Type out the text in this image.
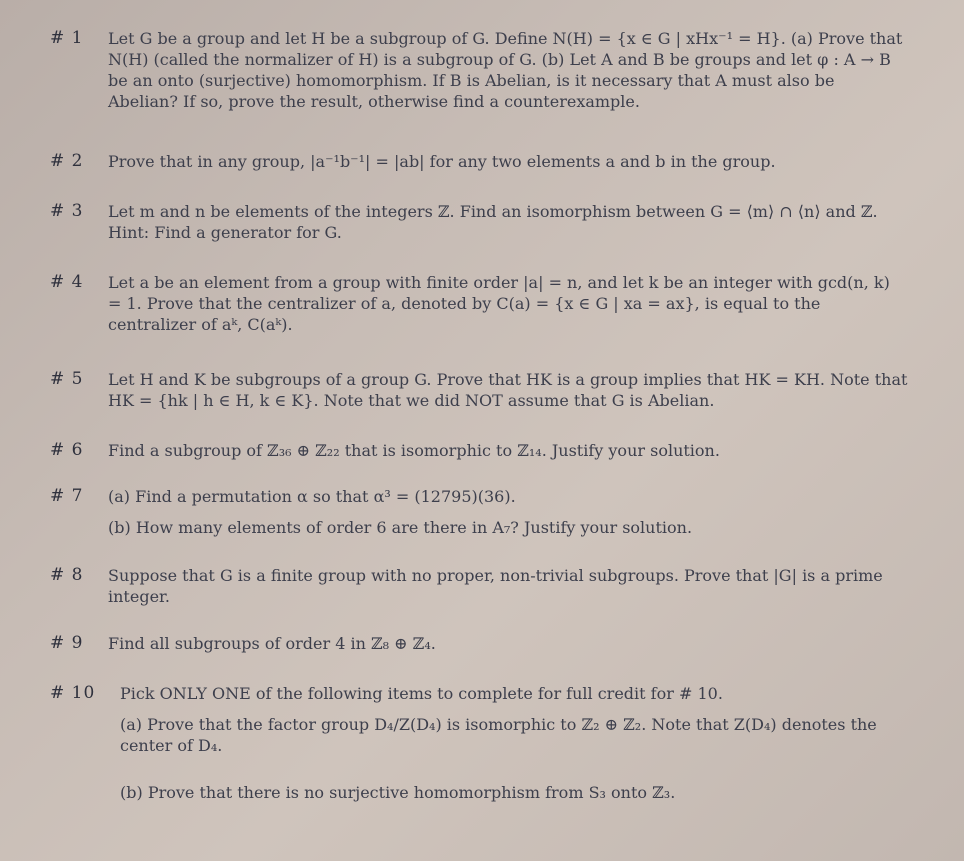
# 1 Let G be a group and let H be a subgroup of G. Define N(H) = {x ∈ G | xHx⁻¹ = H}. (a) Prove that N(H) (called the normalizer of H) is a subgroup of G. (b) Let A and B be groups and let φ : A → B be an onto (surjective) homomorphism. If B is Abelian, is it necessary that A must also be Abelian? If so, prove the result, otherwise find a counterexample.
# 2 Prove that in any group, |a⁻¹b⁻¹| = |ab| for any two elements a and b in the group.
# 3 Let m and n be elements of the integers ℤ. Find an isomorphism between G = ⟨m⟩ ∩ ⟨n⟩ and ℤ. Hint: Find a generator for G.
# 4 Let a be an element from a group with finite order |a| = n, and let k be an integer with gcd(n, k) = 1. Prove that the centralizer of a, denoted by C(a) = {x ∈ G | xa = ax}, is equal to the centralizer of aᵏ, C(aᵏ).
# 5 Let H and K be subgroups of a group G. Prove that HK is a group implies that HK = KH. Note that HK = {hk | h ∈ H, k ∈ K}. Note that we did NOT assume that G is Abelian.
# 6 Find a subgroup of ℤ₃₆ ⊕ ℤ₂₂ that is isomorphic to ℤ₁₄. Justify your solution.
# 7 (a) Find a permutation α so that α³ = (12795)(36).
(b) How many elements of order 6 are there in A₇? Justify your solution.
# 8 Suppose that G is a finite group with no proper, non-trivial subgroups. Prove that |G| is a prime integer.
# 9 Find all subgroups of order 4 in ℤ₈ ⊕ ℤ₄.
# 10 Pick ONLY ONE of the following items to complete for full credit for # 10.
(a) Prove that the factor group D₄/Z(D₄) is isomorphic to ℤ₂ ⊕ ℤ₂. Note that Z(D₄) denotes the center of D₄.
(b) Prove that there is no surjective homomorphism from S₃ onto ℤ₃.
